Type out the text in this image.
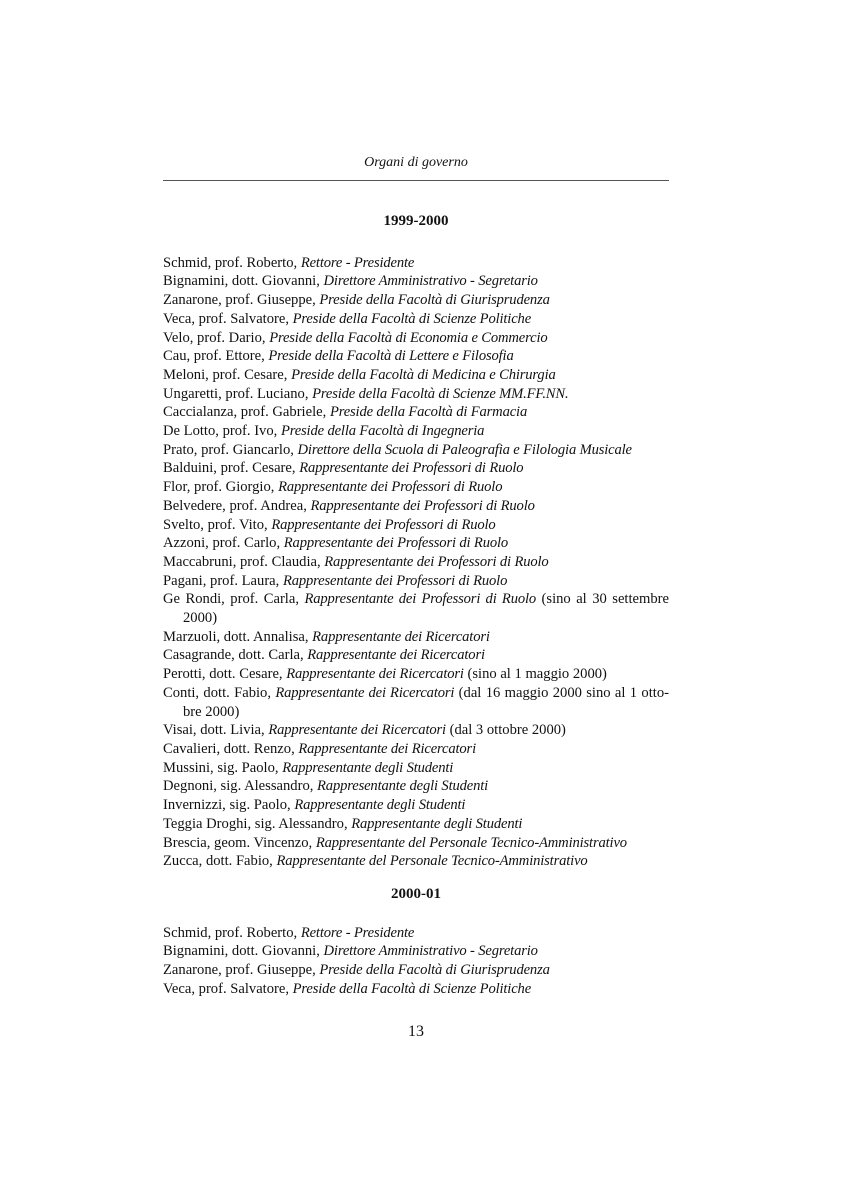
Organi di governo
1999-2000
Schmid, prof. Roberto, Rettore - Presidente
Bignamini, dott. Giovanni, Direttore Amministrativo - Segretario
Zanarone, prof. Giuseppe, Preside della Facoltà di Giurisprudenza
Veca, prof. Salvatore, Preside della Facoltà di Scienze Politiche
Velo, prof. Dario, Preside della Facoltà di Economia e Commercio
Cau, prof. Ettore, Preside della Facoltà di Lettere e Filosofia
Meloni, prof. Cesare, Preside della Facoltà di Medicina e Chirurgia
Ungaretti, prof. Luciano, Preside della Facoltà di Scienze MM.FF.NN.
Caccialanza, prof. Gabriele, Preside della Facoltà di Farmacia
De Lotto, prof. Ivo, Preside della Facoltà di Ingegneria
Prato, prof. Giancarlo, Direttore della Scuola di Paleografia e Filologia Musicale
Balduini, prof. Cesare, Rappresentante dei Professori di Ruolo
Flor, prof. Giorgio, Rappresentante dei Professori di Ruolo
Belvedere, prof. Andrea, Rappresentante dei Professori di Ruolo
Svelto, prof. Vito, Rappresentante dei Professori di Ruolo
Azzoni, prof. Carlo, Rappresentante dei Professori di Ruolo
Maccabruni, prof. Claudia, Rappresentante dei Professori di Ruolo
Pagani, prof. Laura, Rappresentante dei Professori di Ruolo
Ge Rondi, prof. Carla, Rappresentante dei Professori di Ruolo (sino al 30 settembre 2000)
Marzuoli, dott. Annalisa, Rappresentante dei Ricercatori
Casagrande, dott. Carla, Rappresentante dei Ricercatori
Perotti, dott. Cesare, Rappresentante dei Ricercatori (sino al 1 maggio 2000)
Conti, dott. Fabio, Rappresentante dei Ricercatori (dal 16 maggio 2000 sino al 1 ottobre 2000)
Visai, dott. Livia, Rappresentante dei Ricercatori (dal 3 ottobre 2000)
Cavalieri, dott. Renzo, Rappresentante dei Ricercatori
Mussini, sig. Paolo, Rappresentante degli Studenti
Degnoni, sig. Alessandro, Rappresentante degli Studenti
Invernizzi, sig. Paolo, Rappresentante degli Studenti
Teggia Droghi, sig. Alessandro, Rappresentante degli Studenti
Brescia, geom. Vincenzo, Rappresentante del Personale Tecnico-Amministrativo
Zucca, dott. Fabio, Rappresentante del Personale Tecnico-Amministrativo
2000-01
Schmid, prof. Roberto, Rettore - Presidente
Bignamini, dott. Giovanni, Direttore Amministrativo - Segretario
Zanarone, prof. Giuseppe, Preside della Facoltà di Giurisprudenza
Veca, prof. Salvatore, Preside della Facoltà di Scienze Politiche
13
